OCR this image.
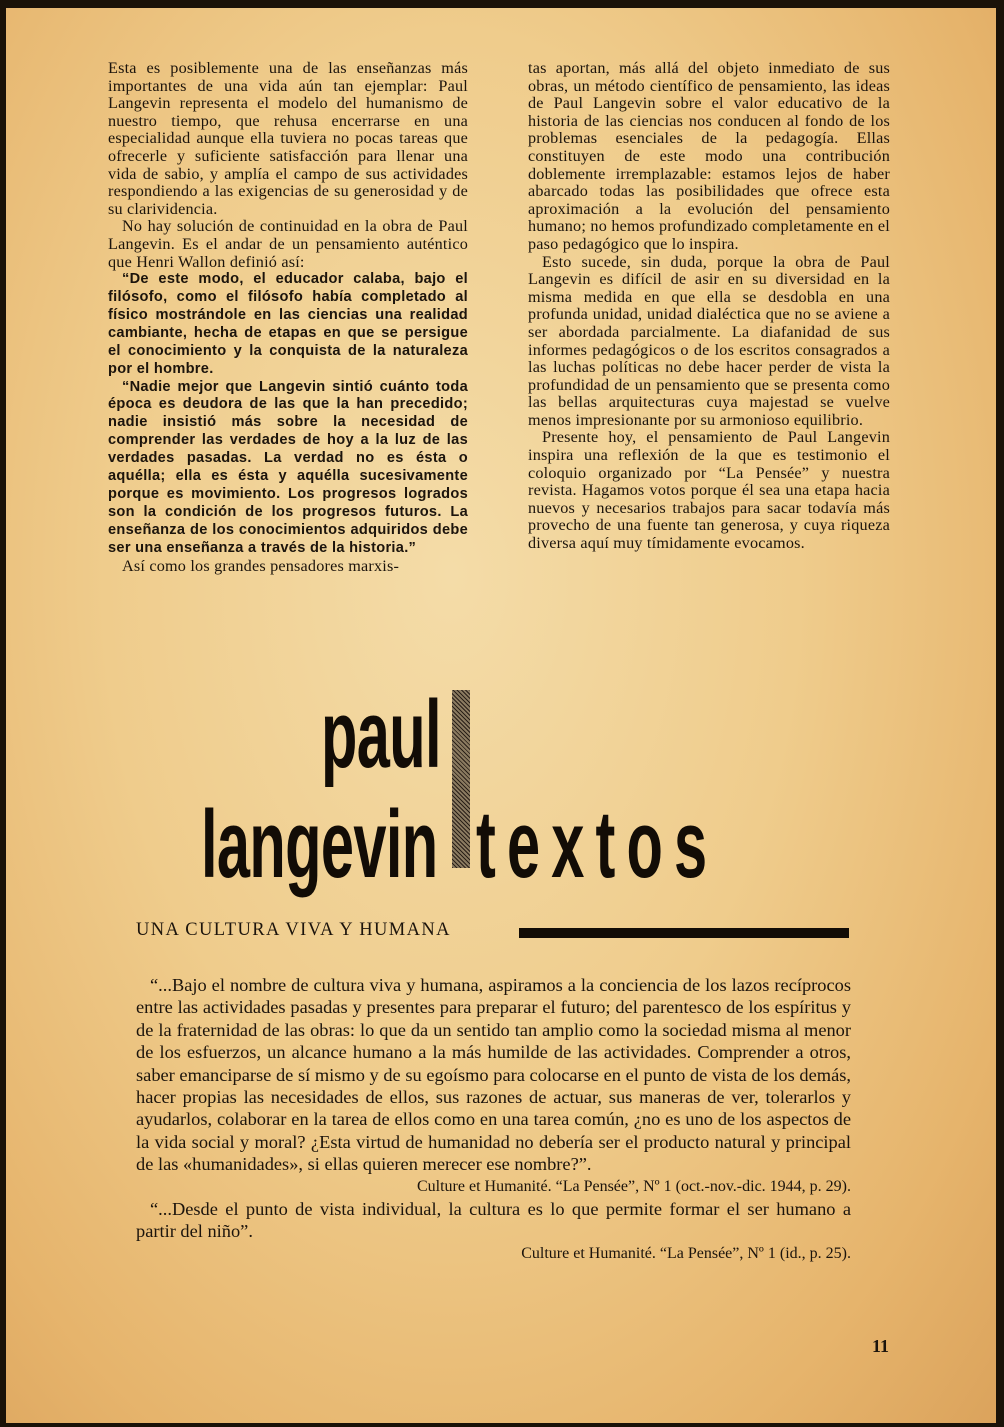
Esta es posiblemente una de las enseñanzas más importantes de una vida aún tan ejemplar: Paul Langevin representa el modelo del humanismo de nuestro tiempo, que rehusa encerrarse en una especialidad aunque ella tuviera no pocas tareas que ofrecerle y suficiente satisfacción para llenar una vida de sabio, y amplía el campo de sus actividades respondiendo a las exigencias de su generosidad y de su clarividencia.

No hay solución de continuidad en la obra de Paul Langevin. Es el andar de un pensamiento auténtico que Henri Wallon definió así:

“De este modo, el educador calaba, bajo el filósofo, como el filósofo había completado al físico mostrándole en las ciencias una realidad cambiante, hecha de etapas en que se persigue el conocimiento y la conquista de la naturaleza por el hombre.

“Nadie mejor que Langevin sintió cuánto toda época es deudora de las que la han precedido; nadie insistió más sobre la necesidad de comprender las verdades de hoy a la luz de las verdades pasadas. La verdad no es ésta o aquélla; ella es ésta y aquélla sucesivamente porque es movimiento. Los progresos logrados son la condición de los progresos futuros. La enseñanza de los conocimientos adquiridos debe ser una enseñanza a través de la historia.”

Así como los grandes pensadores marxis-

tas aportan, más allá del objeto inmediato de sus obras, un método científico de pensamiento, las ideas de Paul Langevin sobre el valor educativo de la historia de las ciencias nos conducen al fondo de los problemas esenciales de la pedagogía. Ellas constituyen de este modo una contribución doblemente irremplazable: estamos lejos de haber abarcado todas las posibilidades que ofrece esta aproximación a la evolución del pensamiento humano; no hemos profundizado completamente en el paso pedagógico que lo inspira.

Esto sucede, sin duda, porque la obra de Paul Langevin es difícil de asir en su diversidad en la misma medida en que ella se desdobla en una profunda unidad, unidad dialéctica que no se aviene a ser abordada parcialmente. La diafanidad de sus informes pedagógicos o de los escritos consagrados a las luchas políticas no debe hacer perder de vista la profundidad de un pensamiento que se presenta como las bellas arquitecturas cuya majestad se vuelve menos impresionante por su armonioso equilibrio.

Presente hoy, el pensamiento de Paul Langevin inspira una reflexión de la que es testimonio el coloquio organizado por “La Pensée” y nuestra revista. Hagamos votos porque él sea una etapa hacia nuevos y necesarios trabajos para sacar todavía más provecho de una fuente tan generosa, y cuya riqueza diversa aquí muy tímidamente evocamos.

paul
langevin textos
UNA CULTURA VIVA Y HUMANA

“...Bajo el nombre de cultura viva y humana, aspiramos a la conciencia de los lazos recíprocos entre las actividades pasadas y presentes para preparar el futuro; del parentesco de los espíritus y de la fraternidad de las obras: lo que da un sentido tan amplio como la sociedad misma al menor de los esfuerzos, un alcance humano a la más humilde de las actividades. Comprender a otros, saber emanciparse de sí mismo y de su egoísmo para colocarse en el punto de vista de los demás, hacer propias las necesidades de ellos, sus razones de actuar, sus maneras de ver, tolerarlos y ayudarlos, colaborar en la tarea de ellos como en una tarea común, ¿no es uno de los aspectos de la vida social y moral? ¿Esta virtud de humanidad no debería ser el producto natural y principal de las «humanidades», si ellas quieren merecer ese nombre?”.

Culture et Humanité. “La Pensée”, Nº 1 (oct.-nov.-dic. 1944, p. 29).

“...Desde el punto de vista individual, la cultura es lo que permite formar el ser humano a partir del niño”.

Culture et Humanité. “La Pensée”, Nº 1 (id., p. 25).

11
